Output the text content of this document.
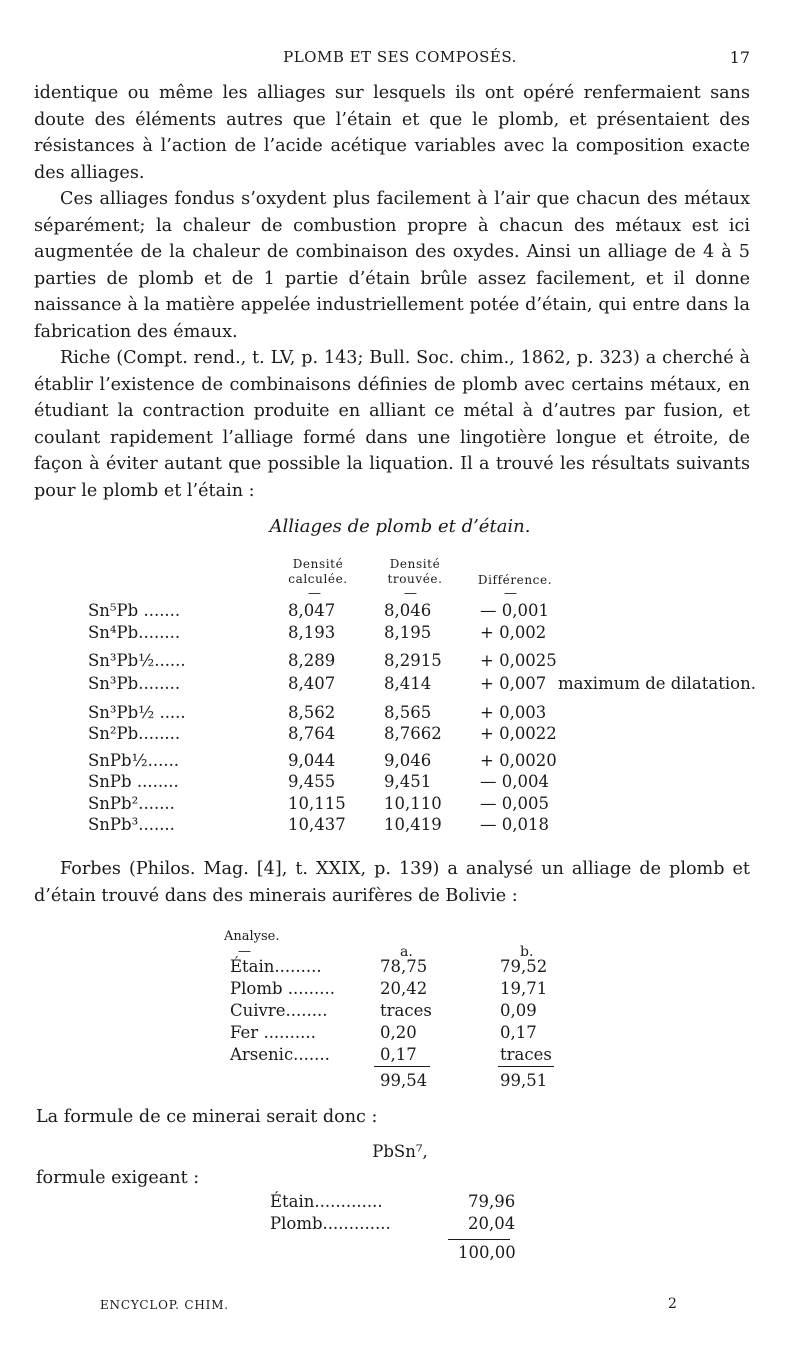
PLOMB ET SES COMPOSÉS.	17

identique ou même les alliages sur lesquels ils ont opéré renfermaient sans doute des éléments autres que l’étain et que le plomb, et présentaient des résistances à l’action de l’acide acétique variables avec la composition exacte des alliages.

Ces alliages fondus s’oxydent plus facilement à l’air que chacun des métaux séparément; la chaleur de combustion propre à chacun des métaux est ici augmentée de la chaleur de combinaison des oxydes. Ainsi un alliage de 4 à 5 parties de plomb et de 1 partie d’étain brûle assez facilement, et il donne naissance à la matière appelée industriellement potée d’étain, qui entre dans la fabrication des émaux.

Riche (Compt. rend., t. LV, p. 143; Bull. Soc. chim., 1862, p. 323) a cherché à établir l’existence de combinaisons définies de plomb avec certains métaux, en étudiant la contraction produite en alliant ce métal à d’autres par fusion, et coulant rapidement l’alliage formé dans une lingotière longue et étroite, de façon à éviter autant que possible la liquation. Il a trouvé les résultats suivants pour le plomb et l’étain :

Alliages de plomb et d’étain.
Densité
calculée.
Densité
trouvée.	Différence.
—	—	—
Sn⁵Pb .......	8,047	8,046	— 0,001
Sn⁴Pb........	8,193	8,195	+ 0,002
Sn³Pb½......	8,289	8,2915 + 0,0025
Sn³Pb........	8,407	8,414	+ 0,007 maximum de dilatation.
Sn³Pb½ .....	8,562	8,565	+ 0,003
Sn²Pb........	8,764	8,7662 + 0,0022
SnPb½......	9,044	9,046	+ 0,0020
SnPb ........	9,455	9,451	— 0,004
SnPb².......	10,115 10,110 — 0,005
SnPb³.......	10,437 10,419 — 0,018

Forbes (Philos. Mag. [4], t. XXIX, p. 139) a analysé un alliage de plomb et d’étain trouvé dans des minerais aurifères de Bolivie :

Analyse.
—	a.	b.
Étain.........	78,75	79,52
Plomb .........	20,42	19,71
Cuivre........	traces	0,09
Fer ..........	0,20	0,17
Arsenic.......	0,17	traces
99,54	99,51

La formule de ce minerai serait donc :

PbSn⁷,
formule exigeant :
Étain.............	79,96
Plomb.............	20,04
100,00
ENCYCLOP. CHIM.	2
